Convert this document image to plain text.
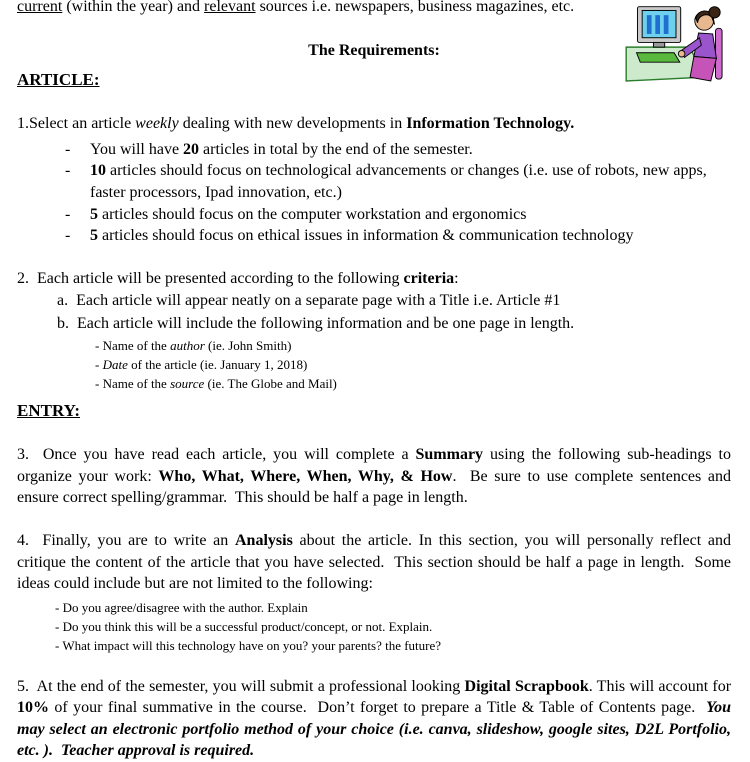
current (within the year) and relevant sources i.e. newspapers, business magazines, etc.

The Requirements:

ARTICLE:

1.Select an article weekly dealing with new developments in Information Technology.

-	You will have 20 articles in total by the end of the semester.
-	10 articles should focus on technological advancements or changes (i.e. use of robots, new apps, faster processors, Ipad innovation, etc.)
-	5 articles should focus on the computer workstation and ergonomics
-	5 articles should focus on ethical issues in information & communication technology

2.  Each article will be presented according to the following criteria:

a.  Each article will appear neatly on a separate page with a Title i.e. Article #1

b.  Each article will include the following information and be one page in length.

- Name of the author (ie. John Smith)

- Date of the article (ie. January 1, 2018)

- Name of the source (ie. The Globe and Mail)

ENTRY:

3.  Once you have read each article, you will complete a Summary using the following sub-headings to organize your work: Who, What, Where, When, Why, & How.  Be sure to use complete sentences and ensure correct spelling/grammar.  This should be half a page in length.

4.  Finally, you are to write an Analysis about the article. In this section, you will personally reflect and critique the content of the article that you have selected.  This section should be half a page in length.  Some ideas could include but are not limited to the following:

- Do you agree/disagree with the author. Explain

- Do you think this will be a successful product/concept, or not. Explain.

- What impact will this technology have on you? your parents? the future?

5.  At the end of the semester, you will submit a professional looking Digital Scrapbook. This will account for 10% of your final summative in the course.  Don’t forget to prepare a Title & Table of Contents page.  You may select an electronic portfolio method of your choice (i.e. canva, slideshow, google sites, D2L Portfolio, etc. ).  Teacher approval is required.
